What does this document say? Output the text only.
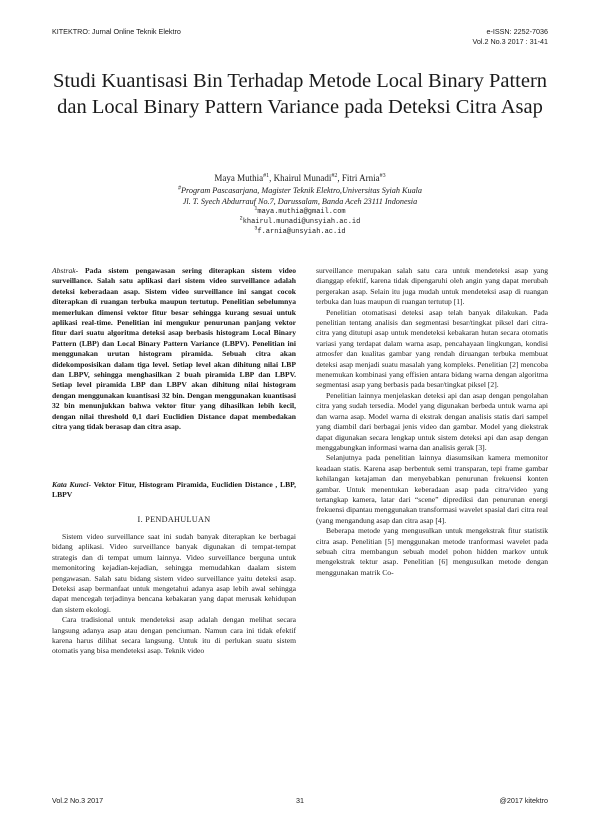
KITEKTRO: Jurnal Online Teknik Elektro	e-ISSN: 2252-7036
Vol.2 No.3 2017 : 31-41
Studi Kuantisasi Bin Terhadap Metode Local Binary Pattern dan Local Binary Pattern Variance pada Deteksi Citra Asap
Maya Muthia$^{\#1}$, Khairul Munadi$^{\#2}$, Fitri Arnia$^{\#3}$
#Program Pascasarjana, Magister Teknik Elektro,Universitas Syiah Kuala
Jl. T. Syech Abdurrauf No.7, Darussalam, Banda Aceh 23111 Indonesia
$^1$maya.muthia@gmail.com
$^2$khairul.munadi@unsyiah.ac.id
$^3$f.arnia@unsyiah.ac.id

Abstrak- Pada sistem pengawasan sering diterapkan sistem video surveillance. Salah satu aplikasi dari sistem video surveillance adalah deteksi keberadaan asap. Sistem video surveillance ini sangat cocok diterapkan di ruangan terbuka maupun tertutup. Penelitian sebelumnya memerlukan dimensi vektor fitur besar sehingga kurang sesuai untuk aplikasi real-time. Penelitian ini mengukur penurunan panjang vektor fitur dari suatu algoritma deteksi asap berbasis histogram Local Binary Pattern (LBP) dan Local Binary Pattern Variance (LBPV). Penelitian ini menggunakan urutan histogram piramida. Sebuah citra akan didekomposisikan dalam tiga level. Setiap level akan dihitung nilai LBP dan LBPV, sehingga menghasilkan 2 buah piramida LBP dan LBPV. Setiap level piramida LBP dan LBPV akan dihitung nilai histogram dengan menggunakan kuantisasi 32 bin. Dengan menggunakan kuantisasi 32 bin menunjukkan bahwa vektor fitur yang dihasilkan lebih kecil, dengan nilai threshold 0,1 dari Euclidien Distance dapat membedakan citra yang tidak berasap dan citra asap.

Kata Kunci- Vektor Fitur, Histogram Piramida, Euclidien Distance , LBP, LBPV

I. PENDAHULUAN

Sistem video surveillance saat ini sudah banyak diterapkan ke berbagai bidang aplikasi. Video surveillance banyak digunakan di tempat-tempat strategis dan di tempat umum lainnya. Video surveillance berguna untuk memonitoring kejadian-kejadian, sehingga memudahkan daalam sistem pengawasan. Salah satu bidang sistem video surveillance yaitu deteksi asap. Deteksi asap bermanfaat untuk mengetahui adanya asap lebih awal sehingga dapat mencegah terjadinya bencana kebakaran yang dapat merusak kehidupan dan sistem ekologi.

Cara tradisional untuk mendeteksi asap adalah dengan melihat secara langsung adanya asap atau dengan penciuman. Namun cara ini tidak efektif karena harus dilihat secara langsung. Untuk itu di perlukan suatu sistem otomatis yang bisa mendeteksi asap. Teknik video

surveillance merupakan salah satu cara untuk mendeteksi asap yang dianggap efektif, karena tidak dipengaruhi oleh angin yang dapat merubah pergerakan asap. Selain itu juga mudah untuk mendeteksi asap di ruangan terbuka dan luas maupun di ruangan tertutup [1].

Penelitian otomatisasi deteksi asap telah banyak dilakukan. Pada penelitian tentang analisis dan segmentasi besar/tingkat piksel dari citra-citra yang ditutupi asap untuk mendeteksi kebakaran hutan secara otomatis variasi yang terdapat dalam warna asap, pencahayaan lingkungan, kondisi atmosfer dan kualitas gambar yang rendah diruangan terbuka membuat deteksi asap menjadi suatu masalah yang kompleks. Penelitian [2] mencoba menemukan kombinasi yang effisien antara bidang warna dengan algoritma segmentasi asap yang berbasis pada besar/tingkat piksel [2].

Penelitian lainnya menjelaskan deteksi api dan asap dengan pengolahan citra yang sudah tersedia. Model yang digunakan berbeda untuk warna api dan warna asap. Model warna di ekstrak dengan analisis statis dari sampel yang diambil dari berbagai jenis video dan gambar. Model yang diekstrak dapat digunakan secara lengkap untuk sistem deteksi api dan asap dengan menggabungkan informasi warna dan analisis gerak [3].

Selanjutnya pada penelitian lainnya diasumsikan kamera memonitor keadaan statis. Karena asap berbentuk semi transparan, tepi frame gambar kehilangan ketajaman dan menyebabkan penurunan frekuensi konten gambar. Untuk menentukan keberadaan asap pada citra/video yang tertangkap kamera, latar dari “scene” diprediksi dan penurunan energi frekuensi dipantau menggunakan transformasi wavelet spasial dari citra real (yang mengandung asap dan citra asap [4].

Beberapa metode yang mengusulkan untuk mengekstrak fitur statistik citra asap. Penelitian [5] menggunakan metode tranformasi wavelet pada sebuah citra membangun sebuah model pohon hidden markov untuk mengekstrak tektur asap. Penelitian [6] mengusulkan metode dengan menggunakan matrik Co-

Vol.2 No.3 2017	31	@2017 kitektro
